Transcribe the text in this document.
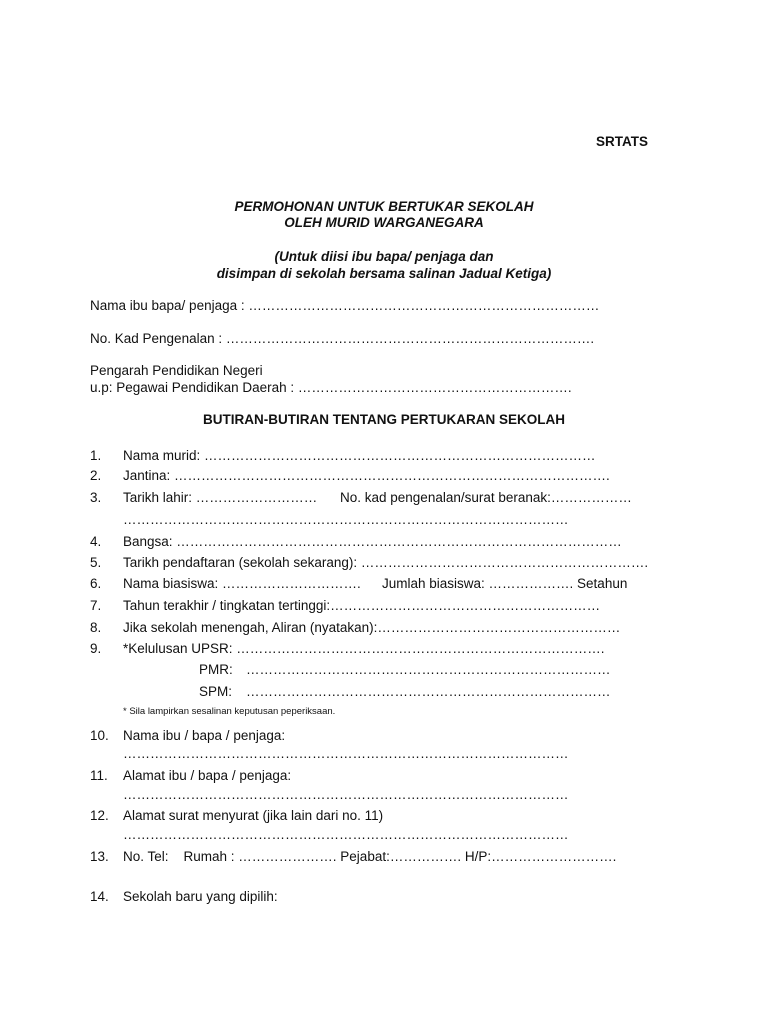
SRTATS
PERMOHONAN UNTUK BERTUKAR SEKOLAH
OLEH MURID WARGANEGARA
(Untuk diisi ibu bapa/ penjaga dan
disimpan di sekolah bersama salinan Jadual Ketiga)
Nama ibu bapa/ penjaga : ……………………………………………………………………
No. Kad Pengenalan : ……………………………………………………………………….
Pengarah Pendidikan Negeri
u.p: Pegawai Pendidikan Daerah : …………………………………………………….
BUTIRAN-BUTIRAN TENTANG PERTUKARAN SEKOLAH
1. Nama murid: ……………………………………………………………………………
2. Jantina: …………………………………………………………………………………….
3. Tarikh lahir: ……………………… No. kad pengenalan/surat beranak:………………
………………………………………………………………………………………
4. Bangsa: ………………………………………………………………………………………
5. Tarikh pendaftaran (sekolah sekarang): ……………………………………………………….
6. Nama biasiswa: …………………………. Jumlah biasiswa: ………………. Setahun
7. Tahun terakhir / tingkatan tertinggi:……………………………………………………
8. Jika sekolah menengah, Aliran (nyatakan):………………………………………………
9. *Kelulusan UPSR: ……………………………………………………………………….
PMR: ………………………………………………………………………
SPM: ………………………………………………………………………
* Sila lampirkan sesalinan keputusan peperiksaan.
10. Nama ibu / bapa / penjaga:
………………………………………………………………………………………
11. Alamat ibu / bapa / penjaga:
………………………………………………………………………………………
12. Alamat surat menyurat (jika lain dari no. 11)
………………………………………………………………………………………
13. No. Tel:    Rumah : …………………. Pejabat:……………. H/P:……………………….
14. Sekolah baru yang dipilih:
